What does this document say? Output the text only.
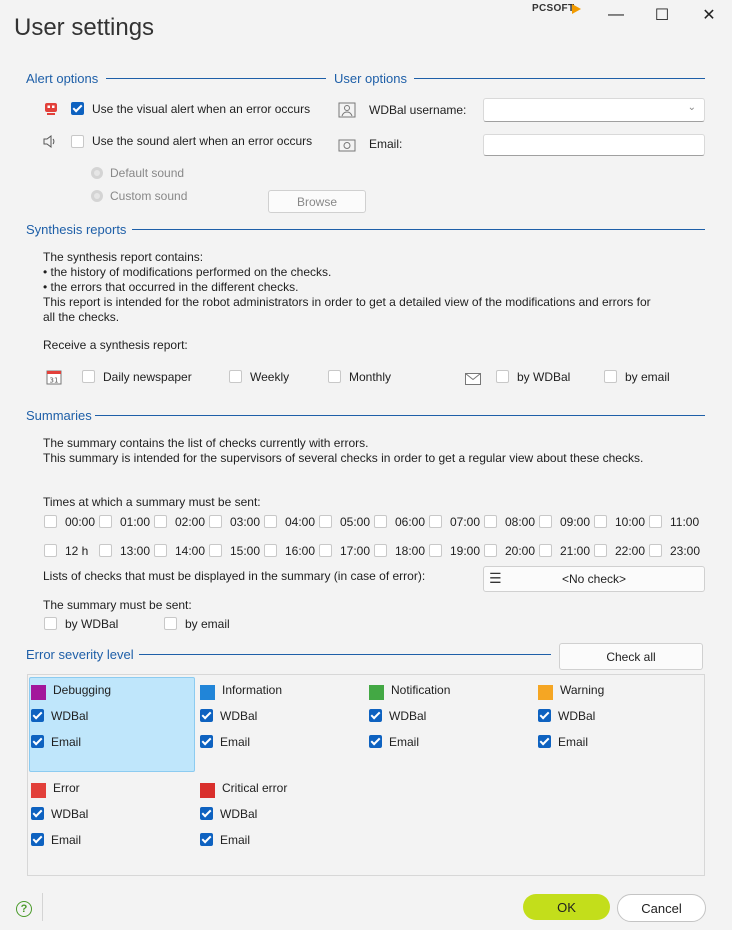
User settings
PCSOFT	—	☐	✕
Alert options
Use the visual alert when an error occurs
Use the sound alert when an error occurs
Default sound
Custom sound	Browse
User options
WDBal username:	⌄
Email:
Synthesis reports
The synthesis report contains:
• the history of modifications performed on the checks.
• the errors that occurred in the different checks.
This report is intended for the robot administrators in order to get a detailed view of the modifications and errors for
all the checks.
Receive a synthesis report:
31	Daily newspaper	Weekly	Monthly	by WDBal	by email
Summaries
The summary contains the list of checks currently with errors.
This summary is intended for the supervisors of several checks in order to get a regular view about these checks.
Times at which a summary must be sent:
00:00 01:00 02:00 03:00 04:00 05:00 06:00 07:00 08:00 09:00 10:00 11:00
12 h	13:00 14:00 15:00 16:00 17:00 18:00 19:00 20:00 21:00 22:00 23:00
Lists of checks that must be displayed in the summary (in case of error):	☰	<No check>
The summary must be sent:
by WDBal	by email
Error severity level	Check all
Debugging
WDBal
Email
Information
WDBal
Email
Notification
WDBal
Email
Warning
WDBal
Email
Error
WDBal
Email
Critical error
WDBal
Email
?	OK	Cancel
